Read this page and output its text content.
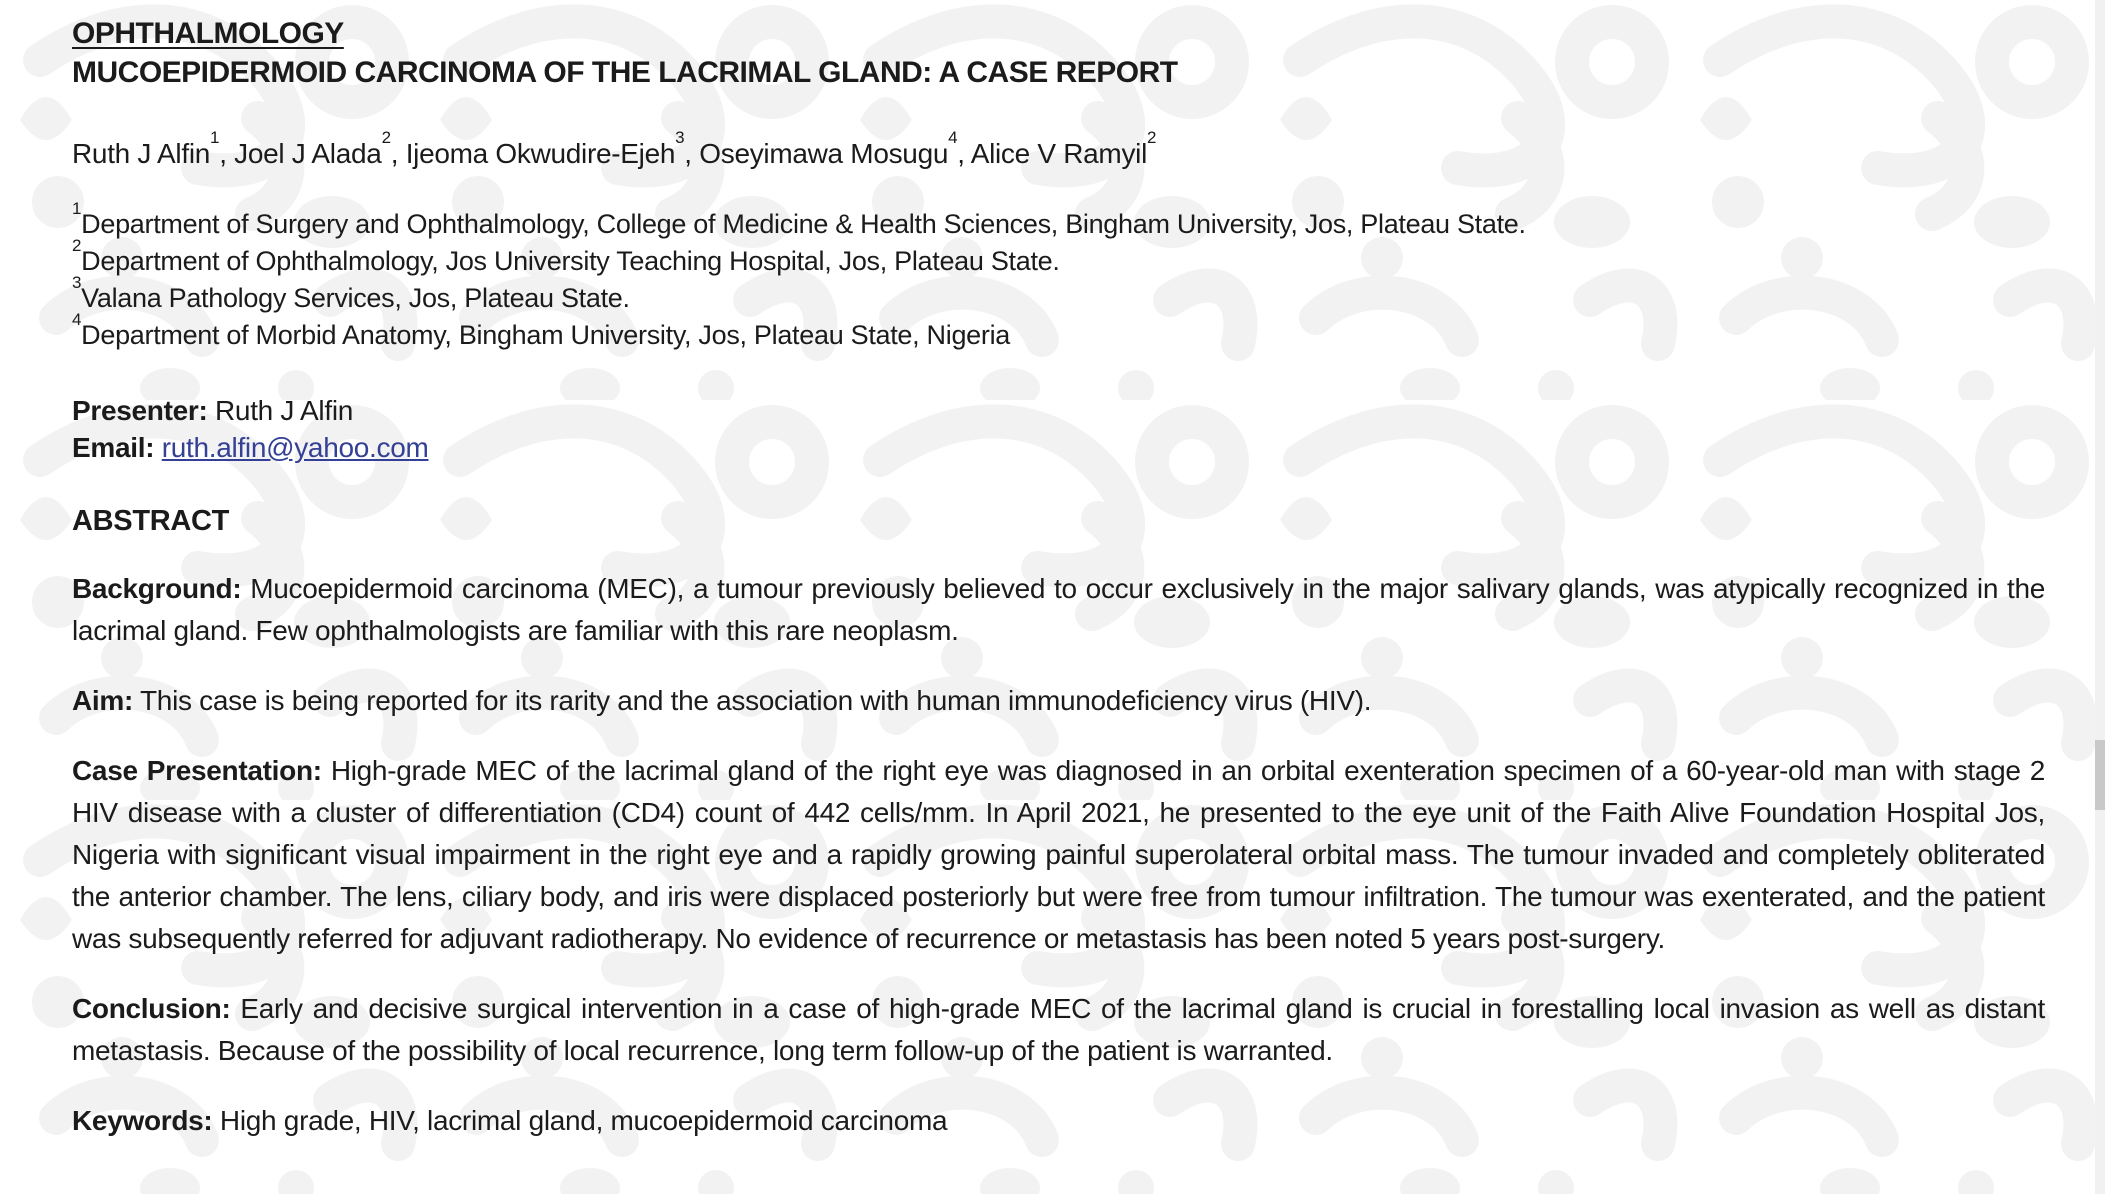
OPHTHALMOLOGY
MUCOEPIDERMOID CARCINOMA OF THE LACRIMAL GLAND: A CASE REPORT

Ruth J Alfin$^1$, Joel J Alada$^2$, Ijeoma Okwudire-Ejeh$^3$, Oseyimawa Mosugu$^4$, Alice V Ramyil$^2$

$^1$Department of Surgery and Ophthalmology, College of Medicine & Health Sciences, Bingham University, Jos, Plateau State.
$^2$Department of Ophthalmology, Jos University Teaching Hospital, Jos, Plateau State.
$^3$Valana Pathology Services, Jos, Plateau State.
$^4$Department of Morbid Anatomy, Bingham University, Jos, Plateau State, Nigeria

Presenter: Ruth J Alfin

Email: ruth.alfin@yahoo.com

ABSTRACT

Background: Mucoepidermoid carcinoma (MEC), a tumour previously believed to occur exclusively in the major salivary glands, was atypically recognized in the lacrimal gland. Few ophthalmologists are familiar with this rare neoplasm.

Aim: This case is being reported for its rarity and the association with human immunodeficiency virus (HIV).

Case Presentation: High-grade MEC of the lacrimal gland of the right eye was diagnosed in an orbital exenteration specimen of a 60-year-old man with stage 2 HIV disease with a cluster of differentiation (CD4) count of 442 cells/mm. In April 2021, he presented to the eye unit of the Faith Alive Foundation Hospital Jos, Nigeria with significant visual impairment in the right eye and a rapidly growing painful superolateral orbital mass. The tumour invaded and completely obliterated the anterior chamber. The lens, ciliary body, and iris were displaced posteriorly but were free from tumour infiltration. The tumour was exenterated, and the patient was subsequently referred for adjuvant radiotherapy. No evidence of recurrence or metastasis has been noted 5 years post-surgery.

Conclusion: Early and decisive surgical intervention in a case of high-grade MEC of the lacrimal gland is crucial in forestalling local invasion as well as distant metastasis. Because of the possibility of local recurrence, long term follow-up of the patient is warranted.

Keywords: High grade, HIV, lacrimal gland, mucoepidermoid carcinoma
